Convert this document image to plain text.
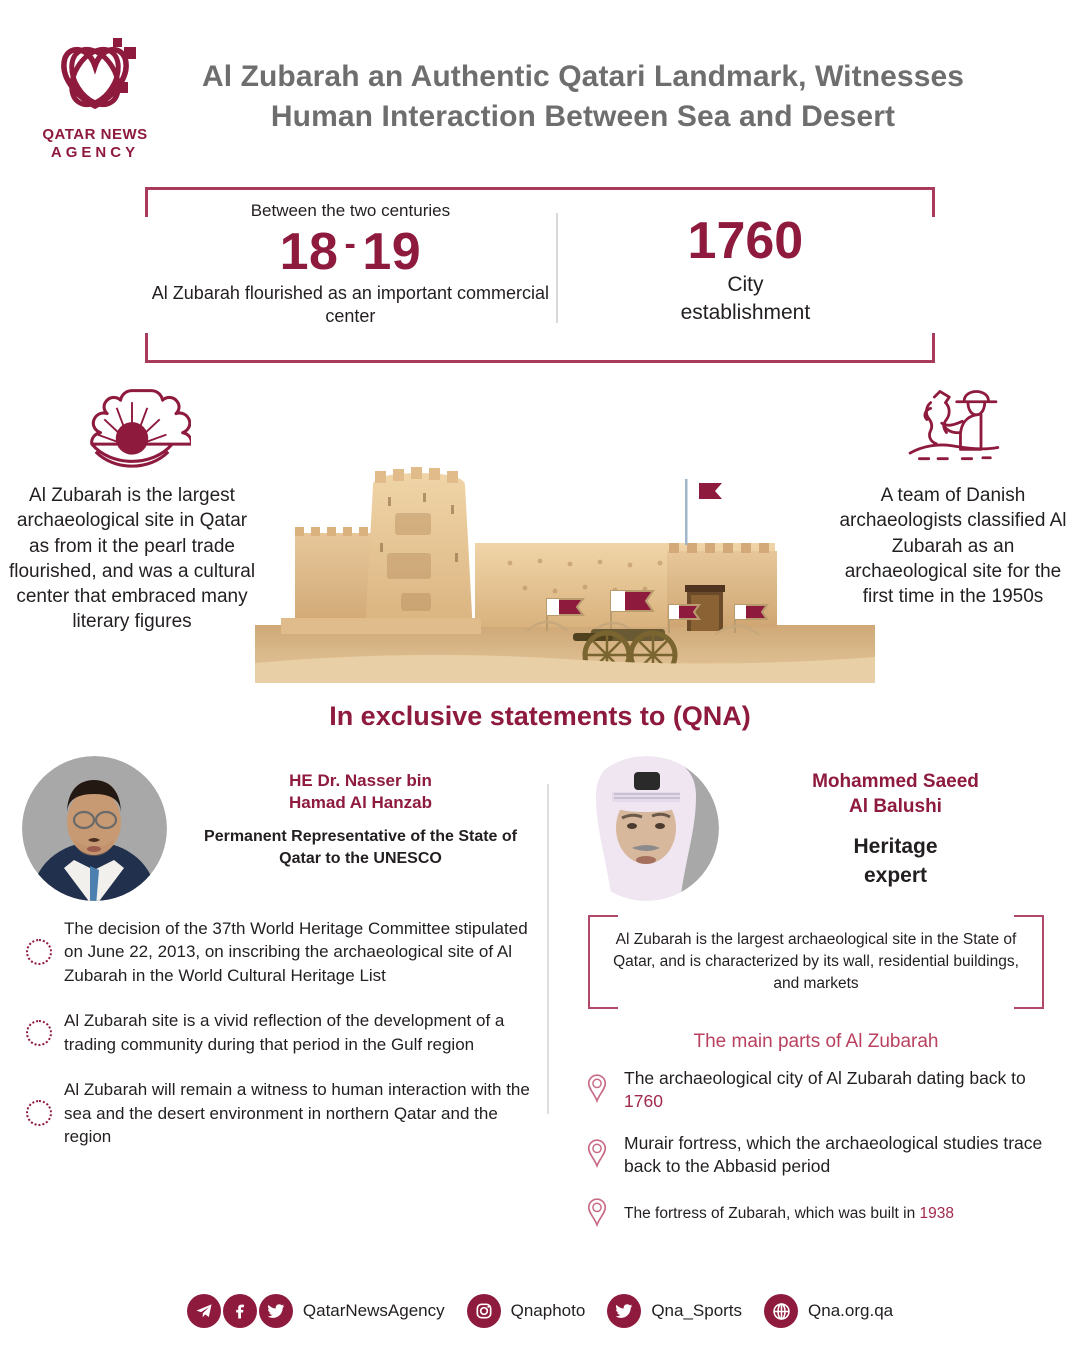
QATAR NEWS
AGENCY
Al Zubarah an Authentic Qatari Landmark, Witnesses
Human Interaction Between Sea and Desert
Between the two centuries
18 - 19
Al Zubarah flourished as an important commercial center
1760
City
establishment
Al Zubarah is the largest archaeological site in Qatar as from it the pearl trade flourished, and was a cultural center that embraced many literary figures
A team of Danish archaeologists classified Al Zubarah as an archaeological site for the first time in the 1950s
In exclusive statements to (QNA)
HE Dr. Nasser bin
Hamad Al Hanzab
Permanent Representative of the State of Qatar to the UNESCO
The decision of the 37th World Heritage Committee stipulated on June 22, 2013, on inscribing the archaeological site of Al Zubarah in the World Cultural Heritage List
Al Zubarah site is a vivid reflection of the development of a trading community during that period in the Gulf region
Al Zubarah will remain a witness to human interaction with the sea and the desert environment in northern Qatar and the region
Mohammed Saeed
Al Balushi
Heritage
expert
Al Zubarah is the largest archaeological site in the State of Qatar, and is characterized by its wall, residential buildings, and markets
The main parts of Al Zubarah
The archaeological city of Al Zubarah dating back to 1760
Murair fortress, which the archaeological studies trace back to the Abbasid period
The fortress of Zubarah, which was built in 1938
QatarNewsAgency	Qnaphoto	Qna_Sports	Qna.org.qa
